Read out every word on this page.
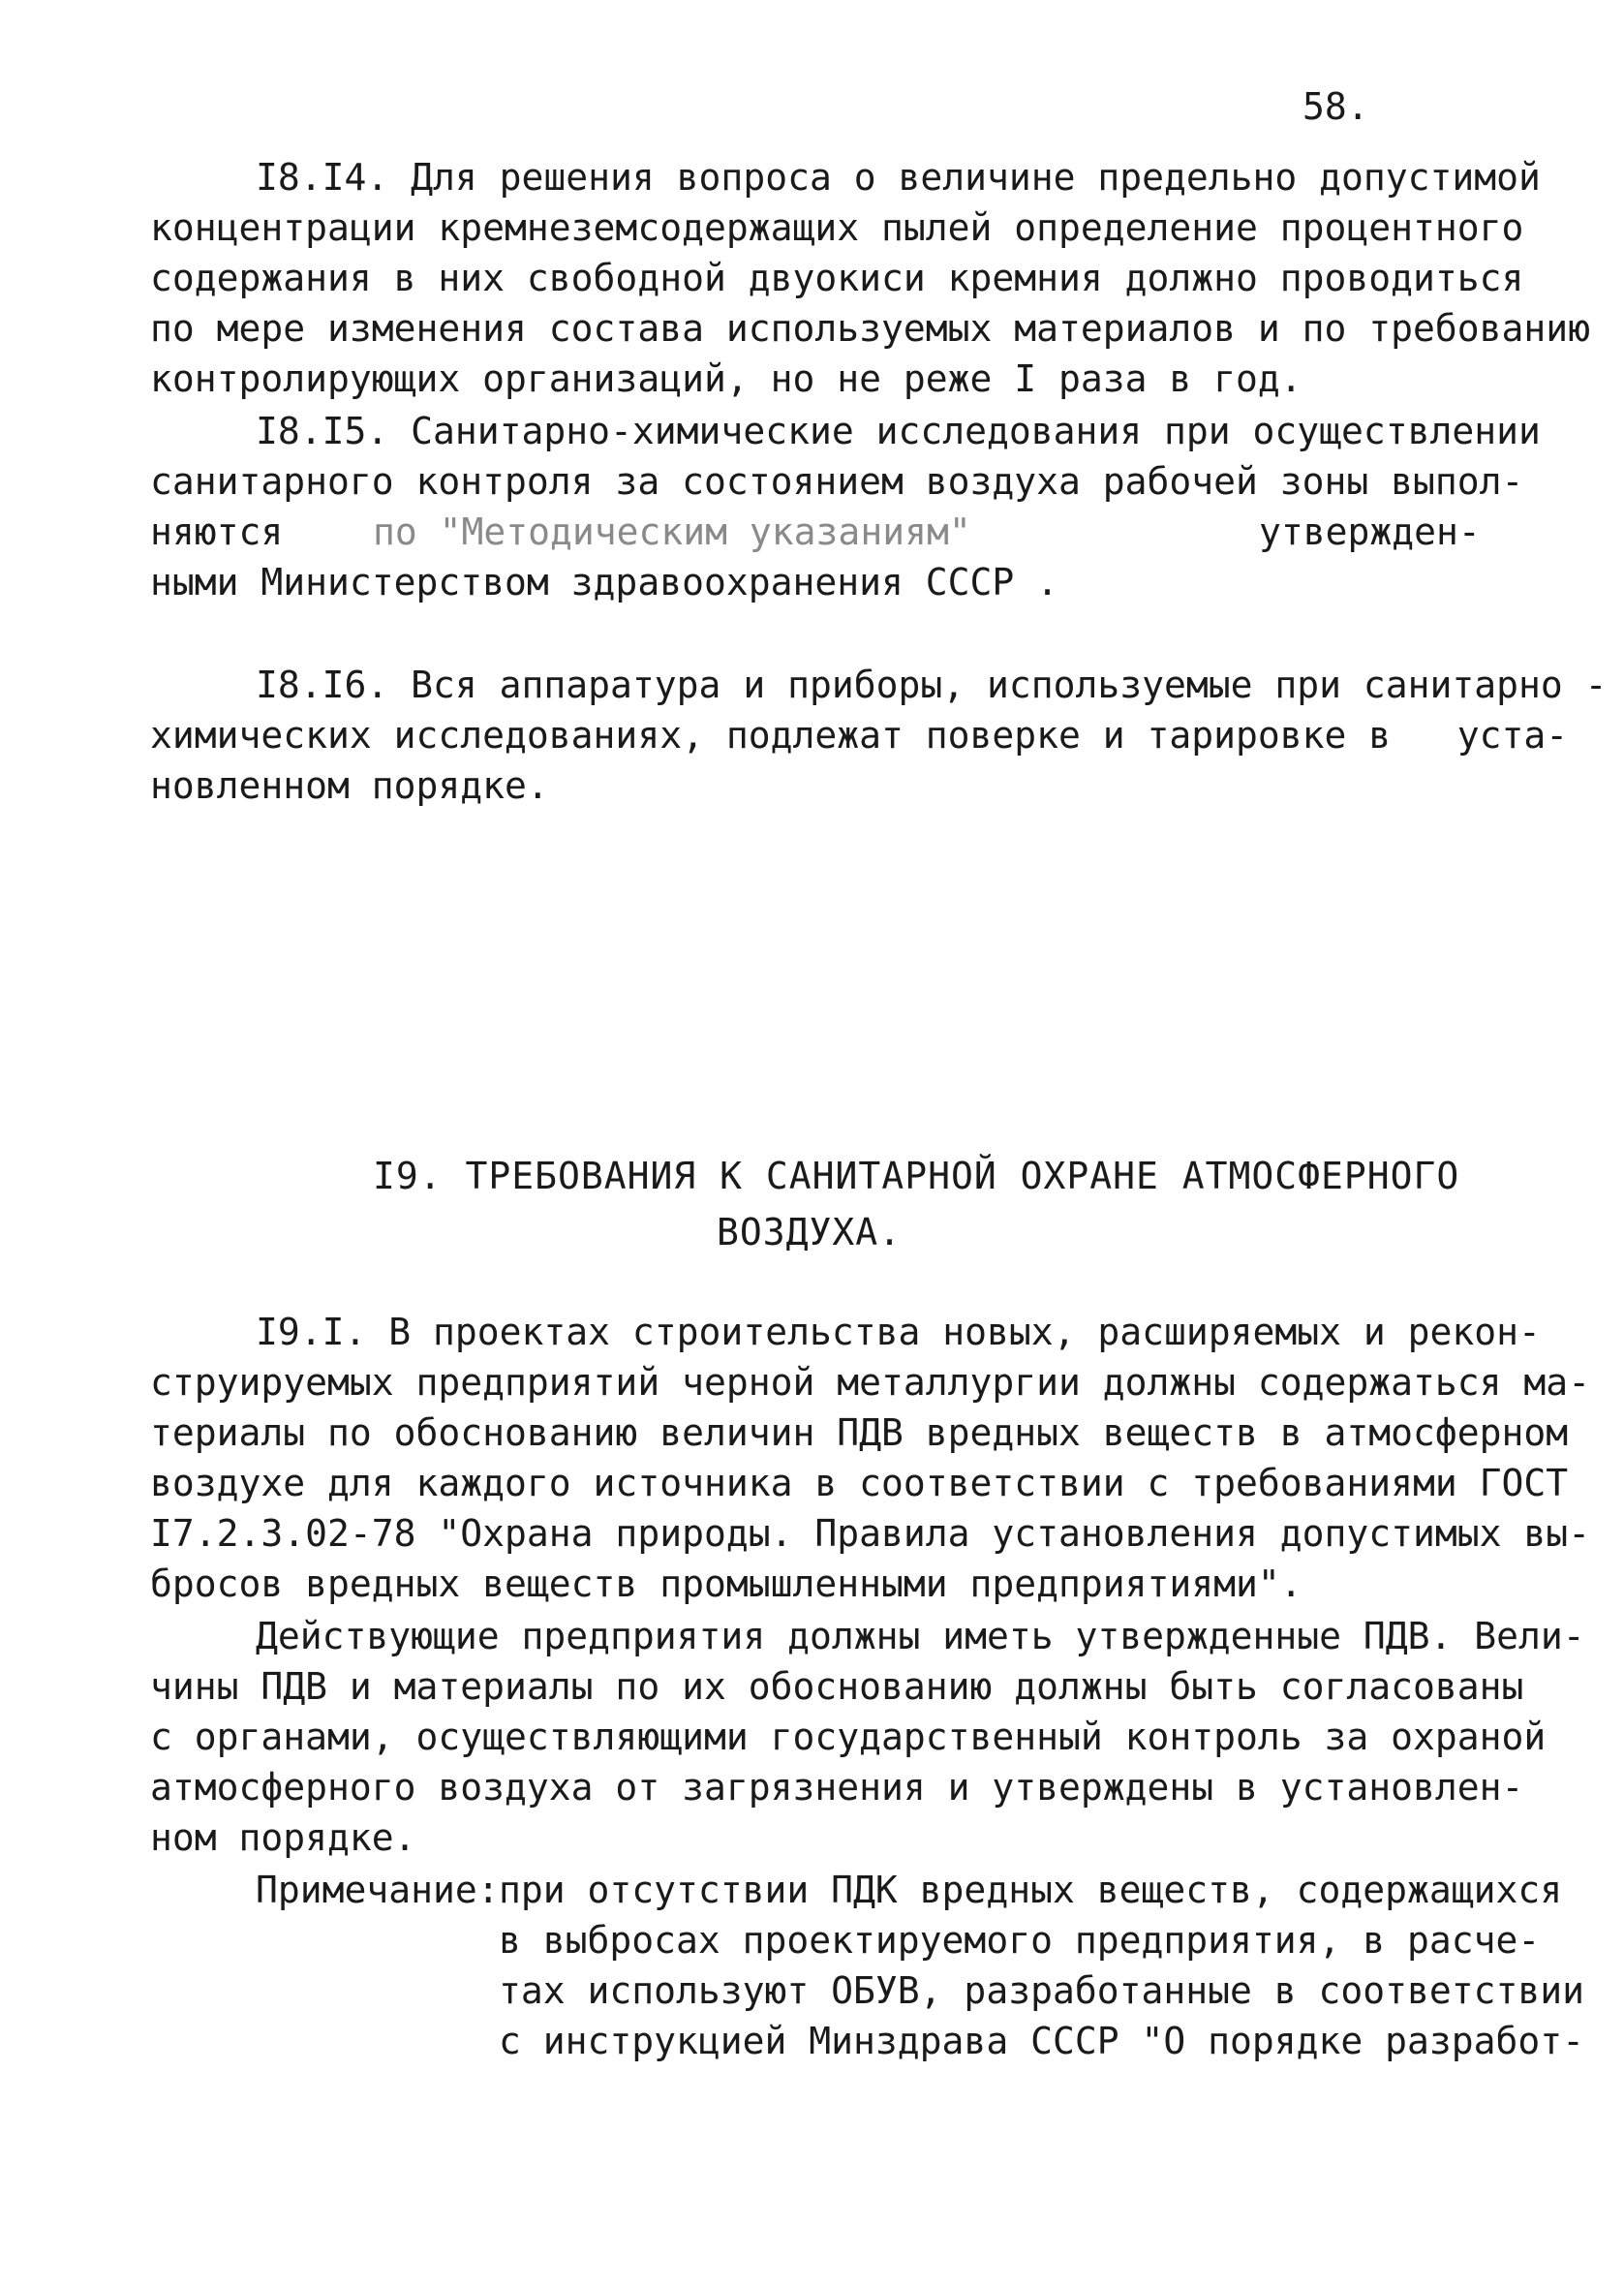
58.
I8.I4. Для решения вопроса о величине предельно допустимой
концентрации кремнеземсодержащих пылей определение процентного
содержания в них свободной двуокиси кремния должно проводиться
по мере изменения состава используемых материалов и по требованию
контролирующих организаций, но не реже I раза в год.
I8.I5. Санитарно-химические исследования при осуществлении
санитарного контроля за состоянием воздуха рабочей зоны выпол-
няются по "Методическим указаниям"	утвержден-
ными Министерством здравоохранения СССР .
I8.I6. Вся аппаратура и приборы, используемые при санитарно -
химических исследованиях, подлежат поверке и тарировке в   уста-
новленном порядке.
I9. ТРЕБОВАНИЯ К САНИТАРНОЙ ОХРАНЕ АТМОСФЕРНОГО
ВОЗДУХА.
I9.I. В проектах строительства новых, расширяемых и рекон-
струируемых предприятий черной металлургии должны содержаться ма-
териалы по обоснованию величин ПДВ вредных веществ в атмосферном
воздухе для каждого источника в соответствии с требованиями ГОСТ
I7.2.3.02-78 "Охрана природы. Правила установления допустимых вы-
бросов вредных веществ промышленными предприятиями".
Действующие предприятия должны иметь утвержденные ПДВ. Вели-
чины ПДВ и материалы по их обоснованию должны быть согласованы
с органами, осуществляющими государственный контроль за охраной
атмосферного воздуха от загрязнения и утверждены в установлен-
ном порядке.
Примечание: при отсутствии ПДК вредных веществ, содержащихся
в выбросах проектируемого предприятия, в расче-
тах используют ОБУВ, разработанные в соответствии
с инструкцией Минздрава СССР "О порядке разработ-
